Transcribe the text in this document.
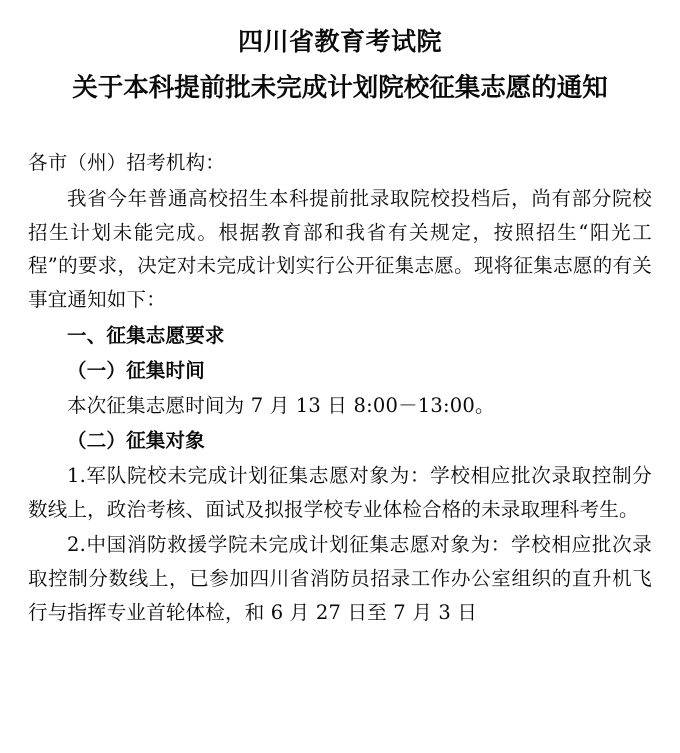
四川省教育考试院
关于本科提前批未完成计划院校征集志愿的通知

各市（州）招考机构：

我省今年普通高校招生本科提前批录取院校投档后，尚有部分院校招生计划未能完成。根据教育部和我省有关规定，按照招生“阳光工程”的要求，决定对未完成计划实行公开征集志愿。现将征集志愿的有关事宜通知如下：

一、征集志愿要求

（一）征集时间

本次征集志愿时间为 7 月 13 日 8:00－13:00。

（二）征集对象

1.军队院校未完成计划征集志愿对象为：学校相应批次录取控制分数线上，政治考核、面试及拟报学校专业体检合格的未录取理科考生。

2.中国消防救援学院未完成计划征集志愿对象为：学校相应批次录取控制分数线上，已参加四川省消防员招录工作办公室组织的直升机飞行与指挥专业首轮体检，和 6 月 27 日至 7 月 3 日
